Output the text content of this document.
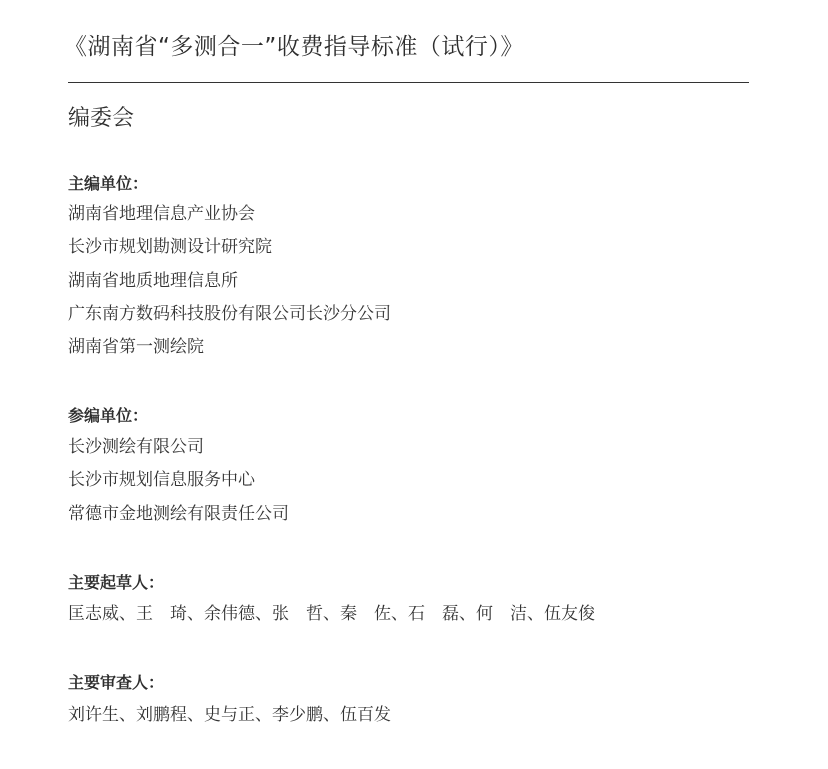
《湖南省“多测合一”收费指导标准（试行）》
编委会
主编单位：
湖南省地理信息产业协会
长沙市规划勘测设计研究院
湖南省地质地理信息所
广东南方数码科技股份有限公司长沙分公司
湖南省第一测绘院
参编单位：
长沙测绘有限公司
长沙市规划信息服务中心
常德市金地测绘有限责任公司
主要起草人：
匡志威、王　琦、余伟德、张　哲、秦　佐、石　磊、何　洁、伍友俊
主要审查人：
刘许生、刘鹏程、史与正、李少鹏、伍百发
